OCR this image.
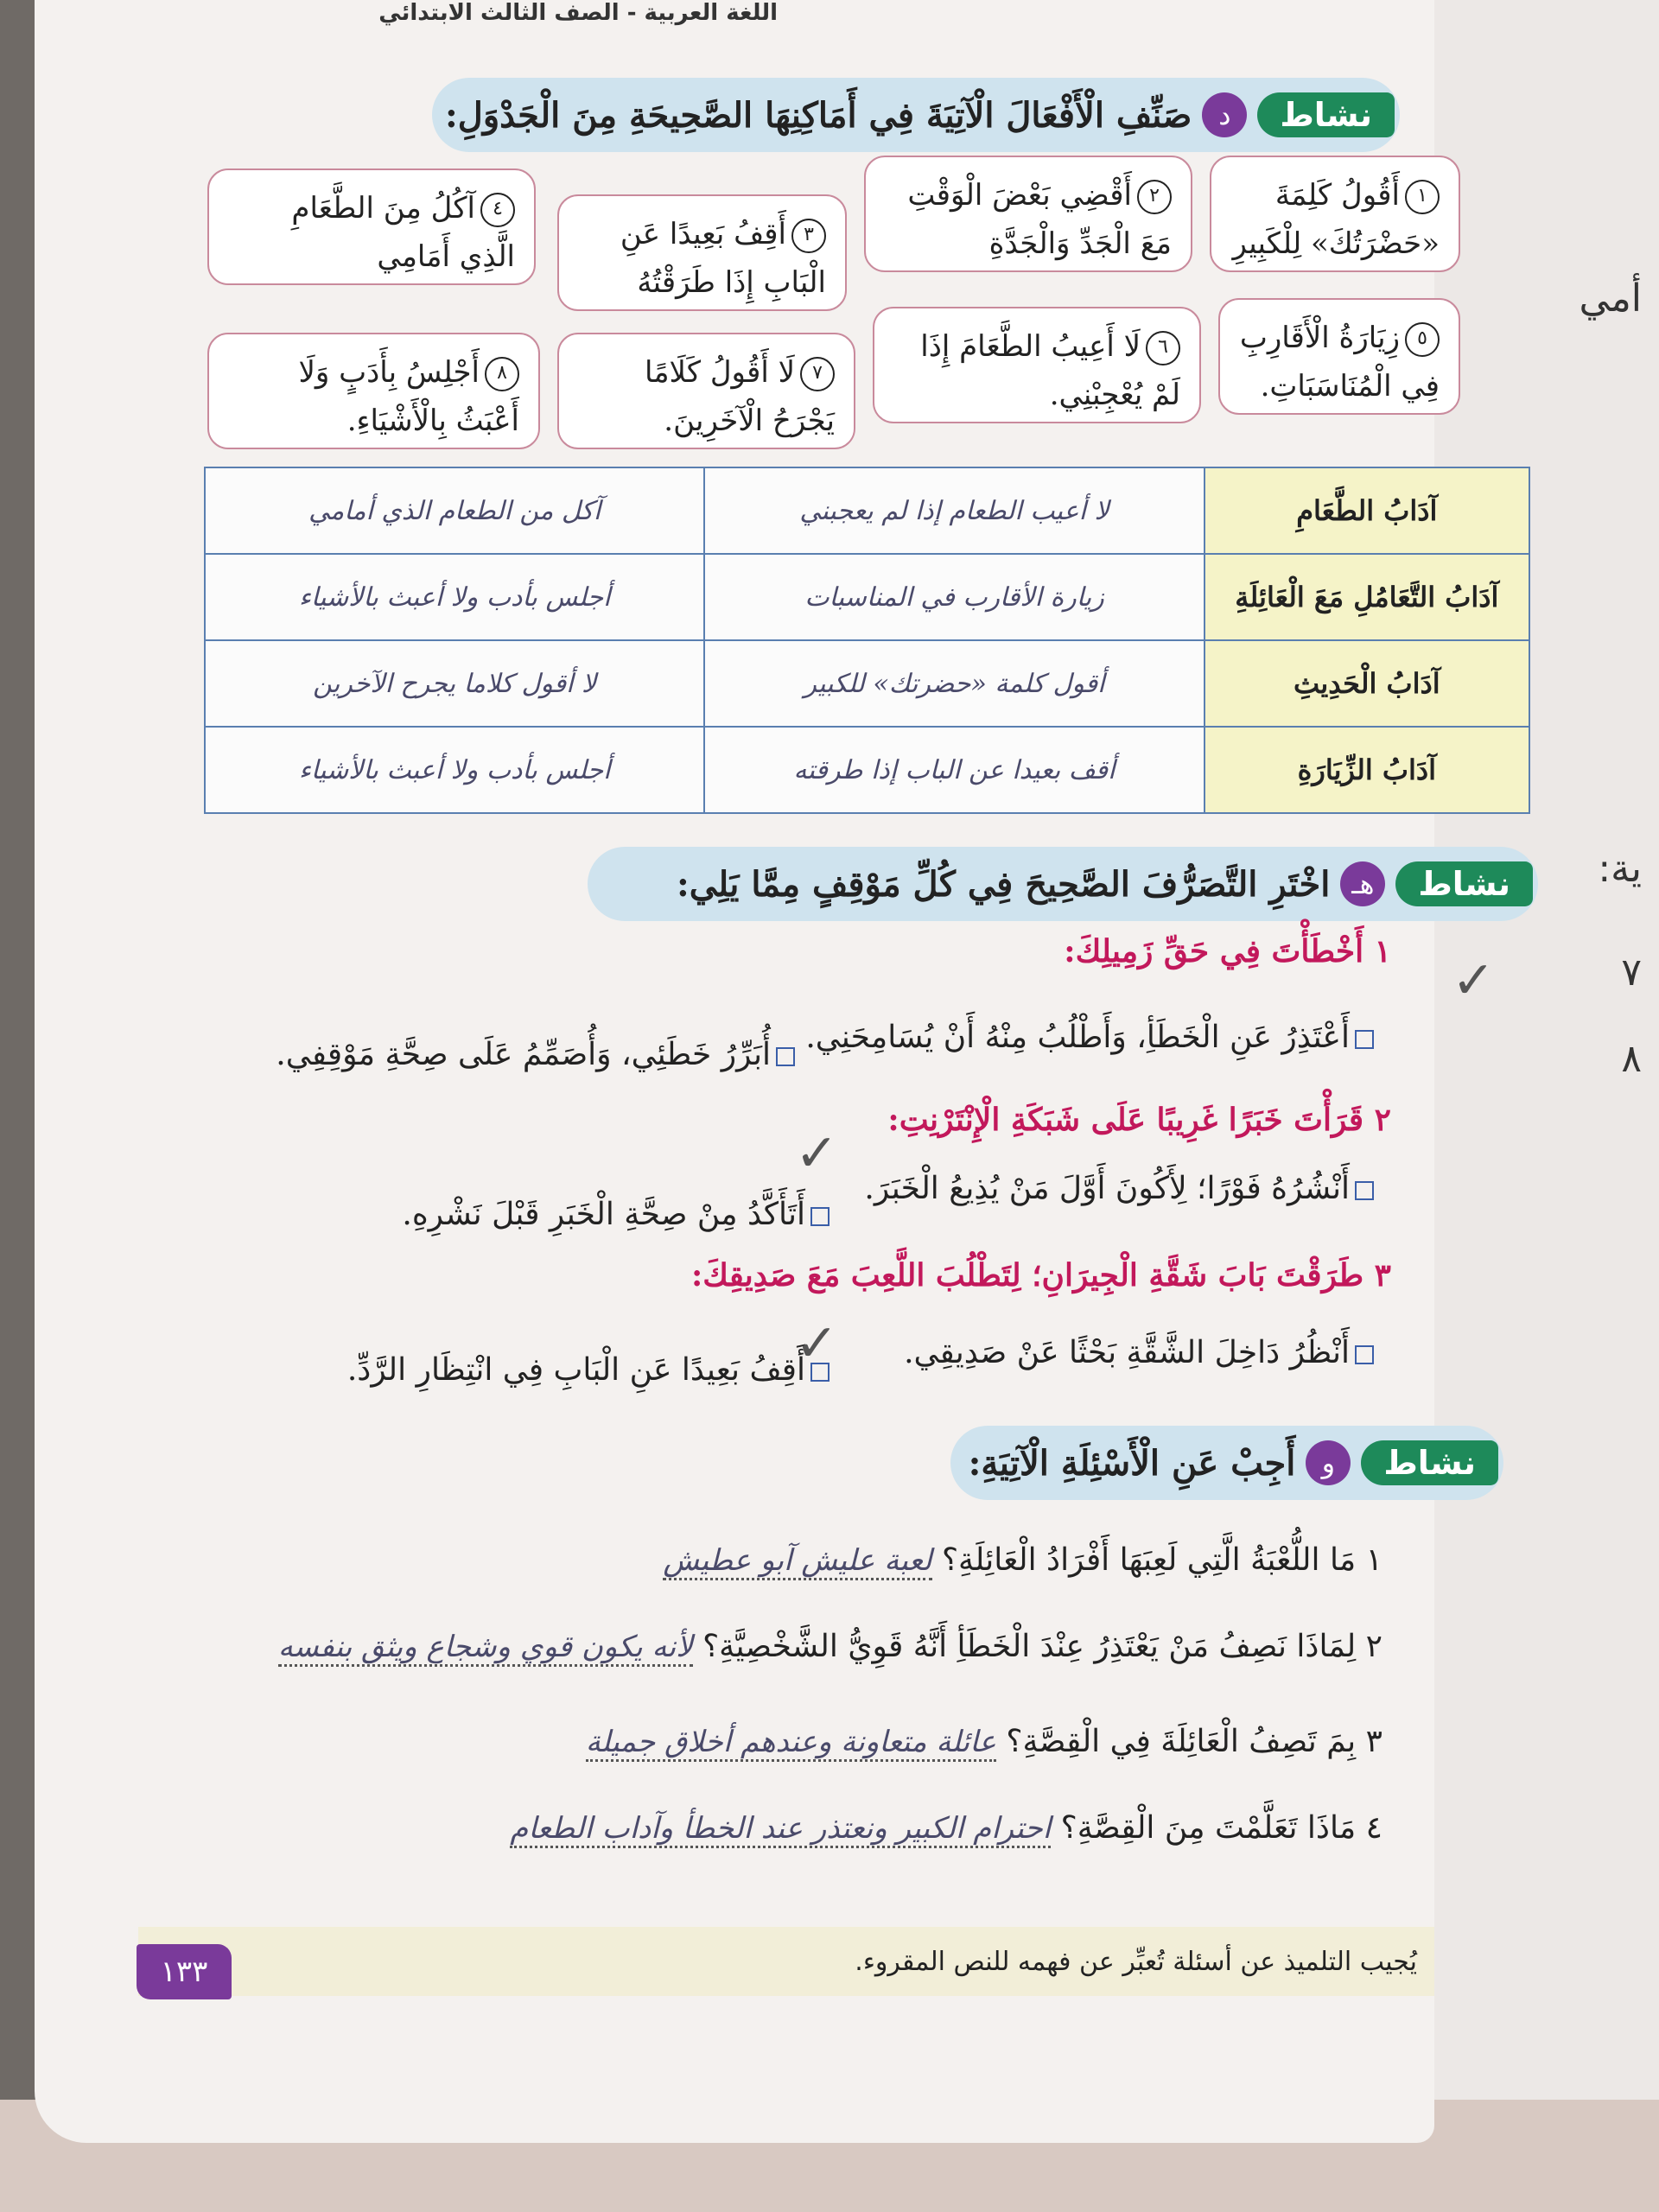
أمي
ية:
٧
٨
اللغة العربية - الصف الثالث الابتدائي
نشاط
د
صَنِّفِ الْأَفْعَالَ الْآتِيَةَ فِي أَمَاكِنِهَا الصَّحِيحَةِ مِنَ الْجَدْوَلِ:
١أَقُولُ كَلِمَةَ «حَضْرَتُكَ» لِلْكَبِيرِ
٢أَقْضِي بَعْضَ الْوَقْتِ مَعَ الْجَدِّ وَالْجَدَّةِ
٣أَقِفُ بَعِيدًا عَنِ الْبَابِ إِذَا طَرَقْتُهُ
٤آكُلُ مِنَ الطَّعَامِ الَّذِي أَمَامِي
٥زِيَارَةُ الْأَقَارِبِ فِي الْمُنَاسَبَاتِ.
٦لَا أَعِيبُ الطَّعَامَ إِذَا لَمْ يُعْجِبْنِي.
٧لَا أَقُولُ كَلَامًا يَجْرَحُ الْآخَرِينَ.
٨أَجْلِسُ بِأَدَبٍ وَلَا أَعْبَثُ بِالْأَشْيَاءِ.
آدَابُ الطَّعَامِ	لا أعيب الطعام إذا لم يعجبني	آكل من الطعام الذي أمامي
آدَابُ التَّعَامُلِ مَعَ الْعَائِلَةِ	زيارة الأقارب في المناسبات	أجلس بأدب ولا أعبث بالأشياء
آدَابُ الْحَدِيثِ	أقول كلمة «حضرتك» للكبير	لا أقول كلاما يجرح الآخرين
آدَابُ الزِّيَارَةِ	أقف بعيدا عن الباب إذا طرقته	أجلس بأدب ولا أعبث بالأشياء
نشاط
هـ
اخْتَرِ التَّصَرُّفَ الصَّحِيحَ فِي كُلِّ مَوْقِفٍ مِمَّا يَلِي:
١ أَخْطَأْتَ فِي حَقِّ زَمِيلِكَ:
أَعْتَذِرُ عَنِ الْخَطَأِ، وَأَطْلُبُ مِنْهُ أَنْ يُسَامِحَنِي.
أُبَرِّرُ خَطَئِي، وَأُصَمِّمُ عَلَى صِحَّةِ مَوْقِفِي.
٢ قَرَأْتَ خَبَرًا غَرِيبًا عَلَى شَبَكَةِ الْإِنْتَرْنِتِ:
أَنْشُرُهُ فَوْرًا؛ لِأَكُونَ أَوَّلَ مَنْ يُذِيعُ الْخَبَرَ.
أَتَأَكَّدُ مِنْ صِحَّةِ الْخَبَرِ قَبْلَ نَشْرِهِ.
٣ طَرَقْتَ بَابَ شَقَّةِ الْجِيرَانِ؛ لِتَطْلُبَ اللَّعِبَ مَعَ صَدِيقِكَ:
أَنْظُرُ دَاخِلَ الشَّقَّةِ بَحْثًا عَنْ صَدِيقِي.
أَقِفُ بَعِيدًا عَنِ الْبَابِ فِي انْتِظَارِ الرَّدِّ.
✓
✓
✓
نشاط
و
أَجِبْ عَنِ الْأَسْئِلَةِ الْآتِيَةِ:
١ مَا اللُّعْبَةُ الَّتِي لَعِبَهَا أَفْرَادُ الْعَائِلَةِ؟ لعبة عليش آبو عطيش
٢ لِمَاذَا نَصِفُ مَنْ يَعْتَذِرُ عِنْدَ الْخَطَأِ أَنَّهُ قَوِيُّ الشَّخْصِيَّةِ؟ لأنه يكون قوي وشجاع ويثق بنفسه
٣ بِمَ تَصِفُ الْعَائِلَةَ فِي الْقِصَّةِ؟ عائلة متعاونة وعندهم أخلاق جميلة
٤ مَاذَا تَعَلَّمْتَ مِنَ الْقِصَّةِ؟ احترام الكبير ونعتذر عند الخطأ وآداب الطعام
يُجيب التلميذ عن أسئلة تُعبِّر عن فهمه للنص المقروء.
١٣٣
